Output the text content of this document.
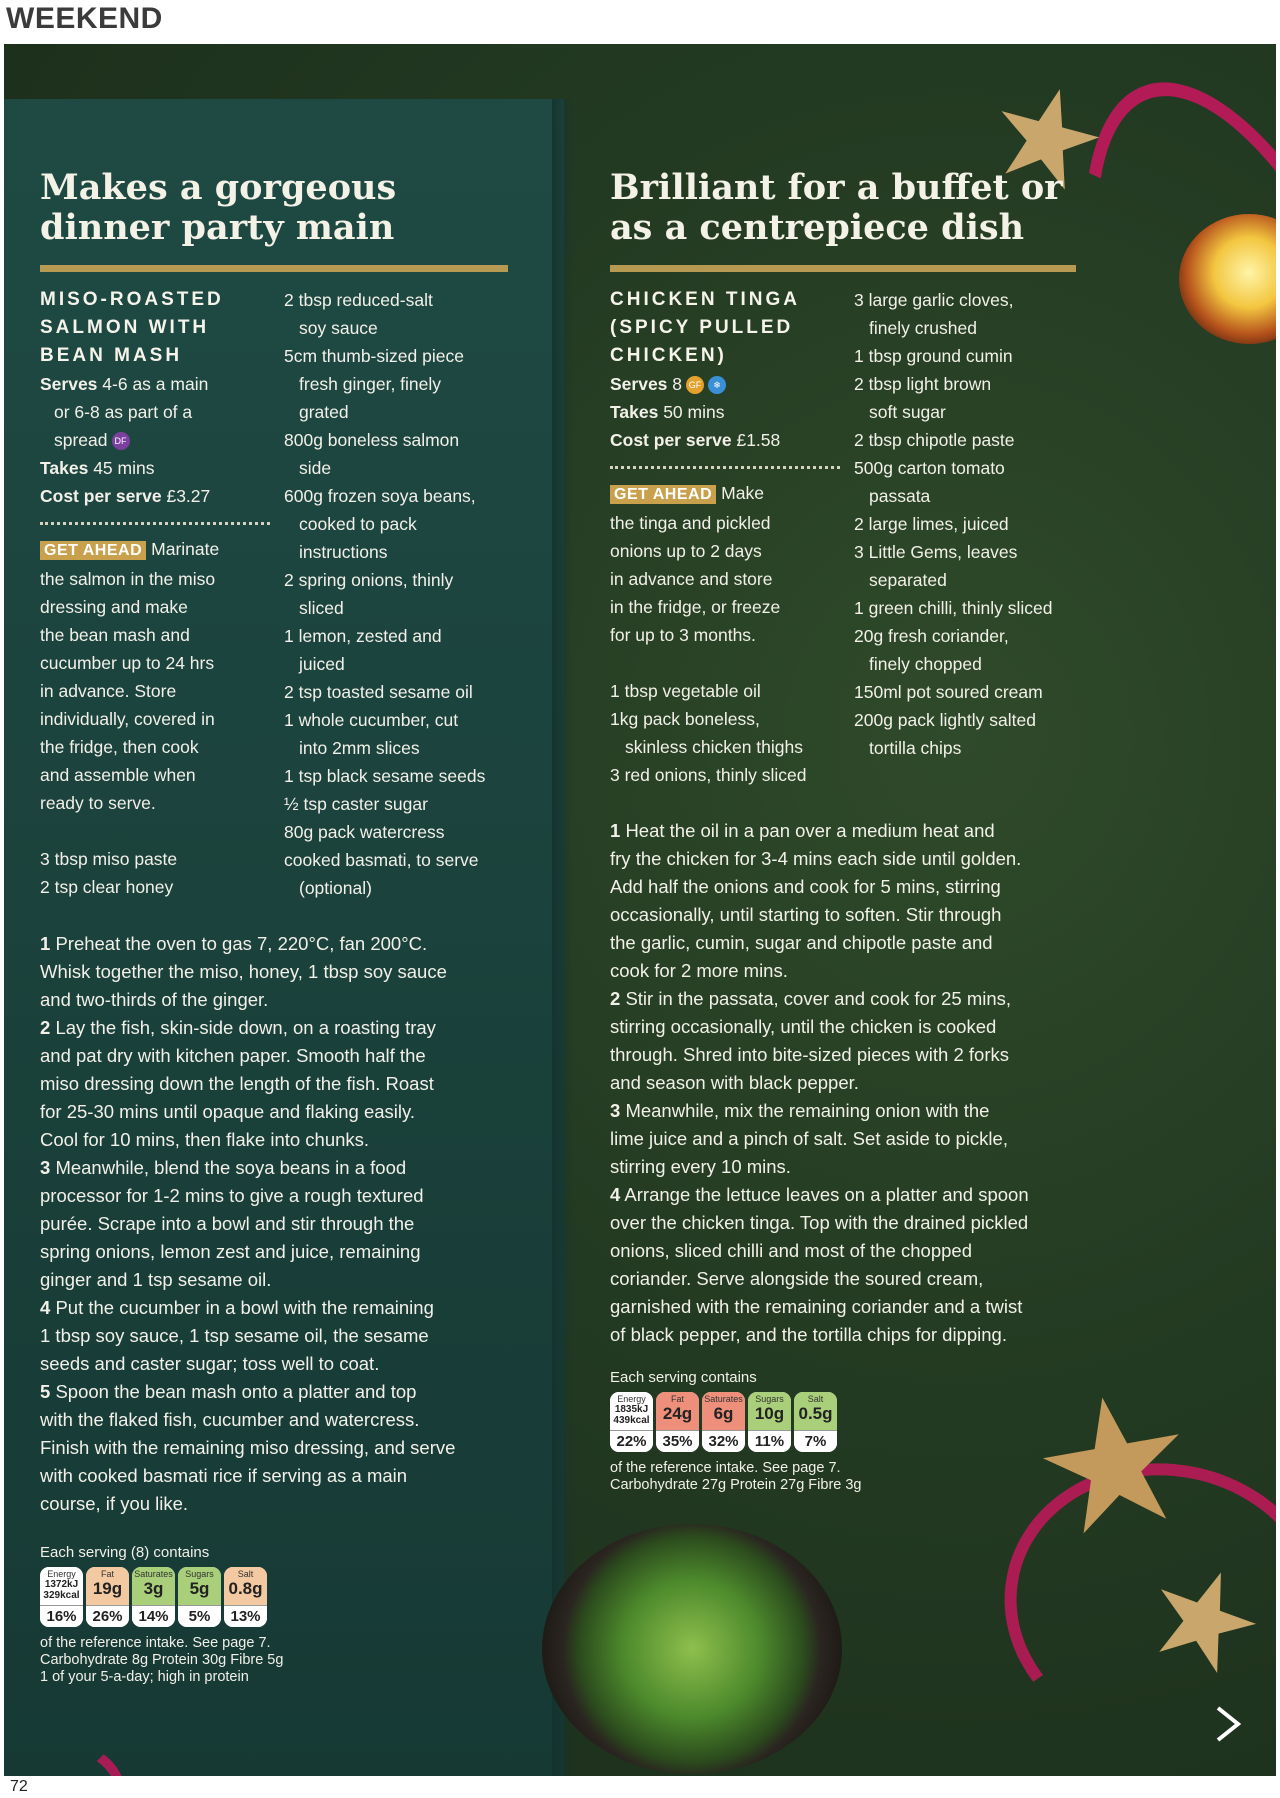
WEEKEND
Makes a gorgeous
dinner party main
MISO-ROASTED
SALMON WITH
BEAN MASH

Serves 4-6 as a main

or 6-8 as part of a

spread DF

Takes 45 mins

Cost per serve £3.27

GET AHEAD Marinate

the salmon in the miso

dressing and make

the bean mash and

cucumber up to 24 hrs

in advance. Store

individually, covered in

the fridge, then cook

and assemble when

ready to serve.

3 tbsp miso paste

2 tsp clear honey

2 tbsp reduced-salt
soy sauce

5cm thumb-sized piece
fresh ginger, finely
grated

800g boneless salmon
side

600g frozen soya beans,
cooked to pack
instructions

2 spring onions, thinly
sliced

1 lemon, zested and
juiced

2 tsp toasted sesame oil

1 whole cucumber, cut
into 2mm slices

1 tsp black sesame seeds

½ tsp caster sugar

80g pack watercress

cooked basmati, to serve
(optional)

1 Preheat the oven to gas 7, 220°C, fan 200°C.
Whisk together the miso, honey, 1 tbsp soy sauce
and two-thirds of the ginger.

2 Lay the fish, skin-side down, on a roasting tray
and pat dry with kitchen paper. Smooth half the
miso dressing down the length of the fish. Roast
for 25-30 mins until opaque and flaking easily.
Cool for 10 mins, then flake into chunks.

3 Meanwhile, blend the soya beans in a food
processor for 1-2 mins to give a rough textured
purée. Scrape into a bowl and stir through the
spring onions, lemon zest and juice, remaining
ginger and 1 tsp sesame oil.

4 Put the cucumber in a bowl with the remaining
1 tbsp soy sauce, 1 tsp sesame oil, the sesame
seeds and caster sugar; toss well to coat.

5 Spoon the bean mash onto a platter and top
with the flaked fish, cucumber and watercress.
Finish with the remaining miso dressing, and serve
with cooked basmati rice if serving as a main
course, if you like.

Each serving (8) contains

Energy
1372kJ
329kcal
16%
Fat
19g
26%
Saturates
3g
14%
Sugars
5g
5%
Salt
0.8g
13%
of the reference intake. See page 7.
Carbohydrate 8g Protein 30g Fibre 5g
1 of your 5-a-day; high in protein
Brilliant for a buffet or
as a centrepiece dish
CHICKEN TINGA
(SPICY PULLED
CHICKEN)

Serves 8 GF ❄

Takes 50 mins

Cost per serve £1.58

GET AHEAD Make

the tinga and pickled

onions up to 2 days

in advance and store

in the fridge, or freeze

for up to 3 months.

1 tbsp vegetable oil

1kg pack boneless,
skinless chicken thighs

3 red onions, thinly sliced

3 large garlic cloves,
finely crushed

1 tbsp ground cumin

2 tbsp light brown
soft sugar

2 tbsp chipotle paste

500g carton tomato
passata

2 large limes, juiced

3 Little Gems, leaves
separated

1 green chilli, thinly sliced

20g fresh coriander,
finely chopped

150ml pot soured cream

200g pack lightly salted
tortilla chips

1 Heat the oil in a pan over a medium heat and
fry the chicken for 3-4 mins each side until golden.
Add half the onions and cook for 5 mins, stirring
occasionally, until starting to soften. Stir through
the garlic, cumin, sugar and chipotle paste and
cook for 2 more mins.

2 Stir in the passata, cover and cook for 25 mins,
stirring occasionally, until the chicken is cooked
through. Shred into bite-sized pieces with 2 forks
and season with black pepper.

3 Meanwhile, mix the remaining onion with the
lime juice and a pinch of salt. Set aside to pickle,
stirring every 10 mins.

4 Arrange the lettuce leaves on a platter and spoon
over the chicken tinga. Top with the drained pickled
onions, sliced chilli and most of the chopped
coriander. Serve alongside the soured cream,
garnished with the remaining coriander and a twist
of black pepper, and the tortilla chips for dipping.

Each serving contains

Energy
1835kJ
439kcal
22%
Fat
24g
35%
Saturates
6g
32%
Sugars
10g
11%
Salt
0.5g
7%
of the reference intake. See page 7.
Carbohydrate 27g Protein 27g Fibre 3g
72
